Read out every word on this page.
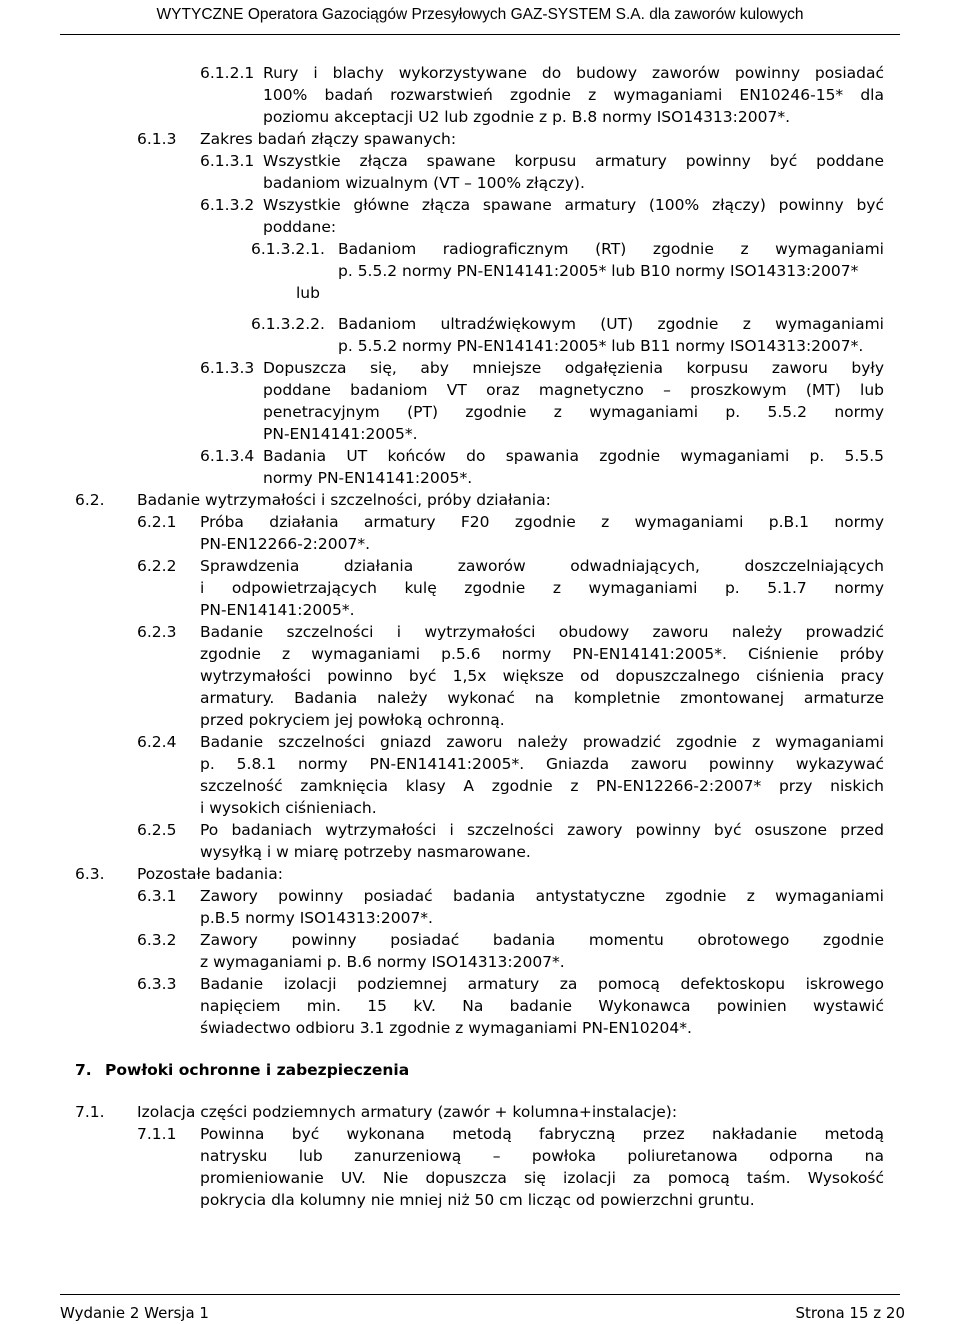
WYTYCZNE Operatora Gazociągów Przesyłowych GAZ-SYSTEM S.A. dla zaworów kulowych
6.1.2.1 Rury i blachy wykorzystywane do budowy zaworów powinny posiadać
100% badań rozwarstwień zgodnie z wymaganiami EN10246-15* dla
poziomu akceptacji U2 lub zgodnie z p. B.8 normy ISO14313:2007*.
6.1.3 Zakres badań złączy spawanych:
6.1.3.1 Wszystkie złącza spawane korpusu armatury powinny być poddane
badaniom wizualnym (VT – 100% złączy).
6.1.3.2 Wszystkie główne złącza spawane armatury (100% złączy) powinny być
poddane:
6.1.3.2.1. Badaniom radiograficznym (RT) zgodnie z wymaganiami
p. 5.5.2 normy PN-EN14141:2005* lub B10 normy ISO14313:2007*
lub
6.1.3.2.2. Badaniom ultradźwiękowym (UT) zgodnie z wymaganiami
p. 5.5.2 normy PN-EN14141:2005* lub B11 normy ISO14313:2007*.
6.1.3.3 Dopuszcza się, aby mniejsze odgałęzienia korpusu zaworu były
poddane badaniom VT oraz magnetyczno – proszkowym (MT) lub
penetracyjnym (PT) zgodnie z wymaganiami p. 5.5.2 normy
PN-EN14141:2005*.
6.1.3.4 Badania UT końców do spawania zgodnie wymaganiami p. 5.5.5
normy PN-EN14141:2005*.
6.2. Badanie wytrzymałości i szczelności, próby działania:
6.2.1 Próba działania armatury F20 zgodnie z wymaganiami p.B.1 normy
PN-EN12266-2:2007*.
6.2.2 Sprawdzenia działania zaworów odwadniających, doszczelniających
i odpowietrzających kulę zgodnie z wymaganiami p. 5.1.7 normy
PN-EN14141:2005*.
6.2.3 Badanie szczelności i wytrzymałości obudowy zaworu należy prowadzić
zgodnie z wymaganiami p.5.6 normy PN-EN14141:2005*. Ciśnienie próby
wytrzymałości powinno być 1,5x większe od dopuszczalnego ciśnienia pracy
armatury. Badania należy wykonać na kompletnie zmontowanej armaturze
przed pokryciem jej powłoką ochronną.
6.2.4 Badanie szczelności gniazd zaworu należy prowadzić zgodnie z wymaganiami
p. 5.8.1 normy PN-EN14141:2005*. Gniazda zaworu powinny wykazywać
szczelność zamknięcia klasy A zgodnie z PN-EN12266-2:2007* przy niskich
i wysokich ciśnieniach.
6.2.5 Po badaniach wytrzymałości i szczelności zawory powinny być osuszone przed
wysyłką i w miarę potrzeby nasmarowane.
6.3. Pozostałe badania:
6.3.1 Zawory powinny posiadać badania antystatyczne zgodnie z wymaganiami
p.B.5 normy ISO14313:2007*.
6.3.2 Zawory powinny posiadać badania momentu obrotowego zgodnie
z wymaganiami p. B.6 normy ISO14313:2007*.
6.3.3 Badanie izolacji podziemnej armatury za pomocą defektoskopu iskrowego
napięciem min. 15 kV. Na badanie Wykonawca powinien wystawić
świadectwo odbioru 3.1 zgodnie z wymaganiami PN-EN10204*.
7. Powłoki ochronne i zabezpieczenia
7.1. Izolacja części podziemnych armatury (zawór + kolumna+instalacje):
7.1.1 Powinna być wykonana metodą fabryczną przez nakładanie metodą
natrysku lub zanurzeniową – powłoka poliuretanowa odporna na
promieniowanie UV. Nie dopuszcza się izolacji za pomocą taśm. Wysokość
pokrycia dla kolumny nie mniej niż 50 cm licząc od powierzchni gruntu.
Wydanie 2 Wersja 1	Strona 15 z 20
